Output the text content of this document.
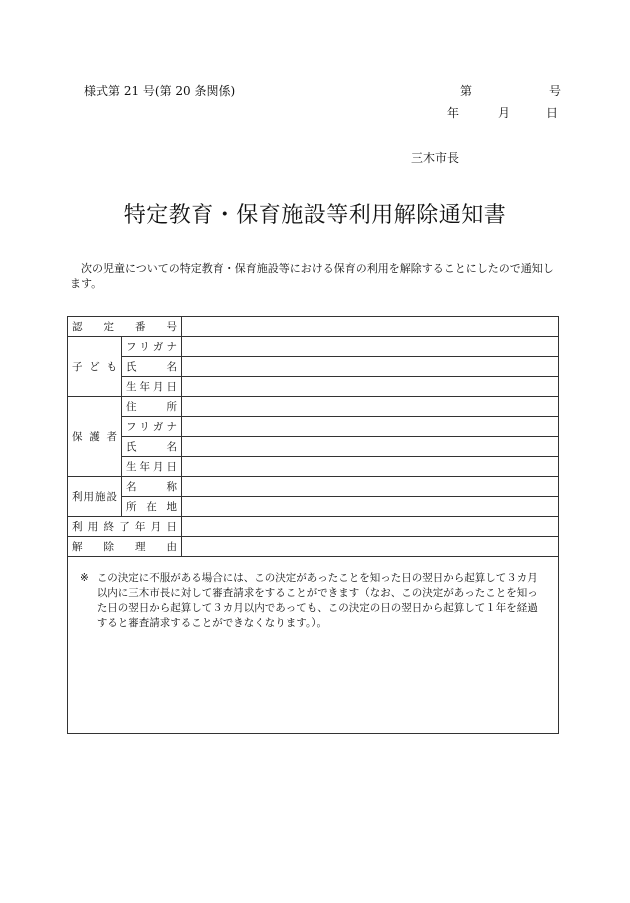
様式第 21 号(第 20 条関係)	第	号
年	月	日
三木市長
特定教育・保育施設等利用解除通知書
次の児童についての特定教育・保育施設等における保育の利用を解除することにしたので通知します。
認定番号		
子ども	フリガナ	
	氏名	
	生年月日	
保護者	住所	
	フリガナ	
	氏名	
	生年月日	
利用施設	名称	
	所在地	
利用終了年月日		
解除理由		

※ この決定に不服がある場合には、この決定があったことを知った日の翌日から起算して３カ月以内に三木市長に対して審査請求をすることができます（なお、この決定があったことを知った日の翌日から起算して３カ月以内であっても、この決定の日の翌日から起算して１年を経過すると審査請求することができなくなります。）。		
